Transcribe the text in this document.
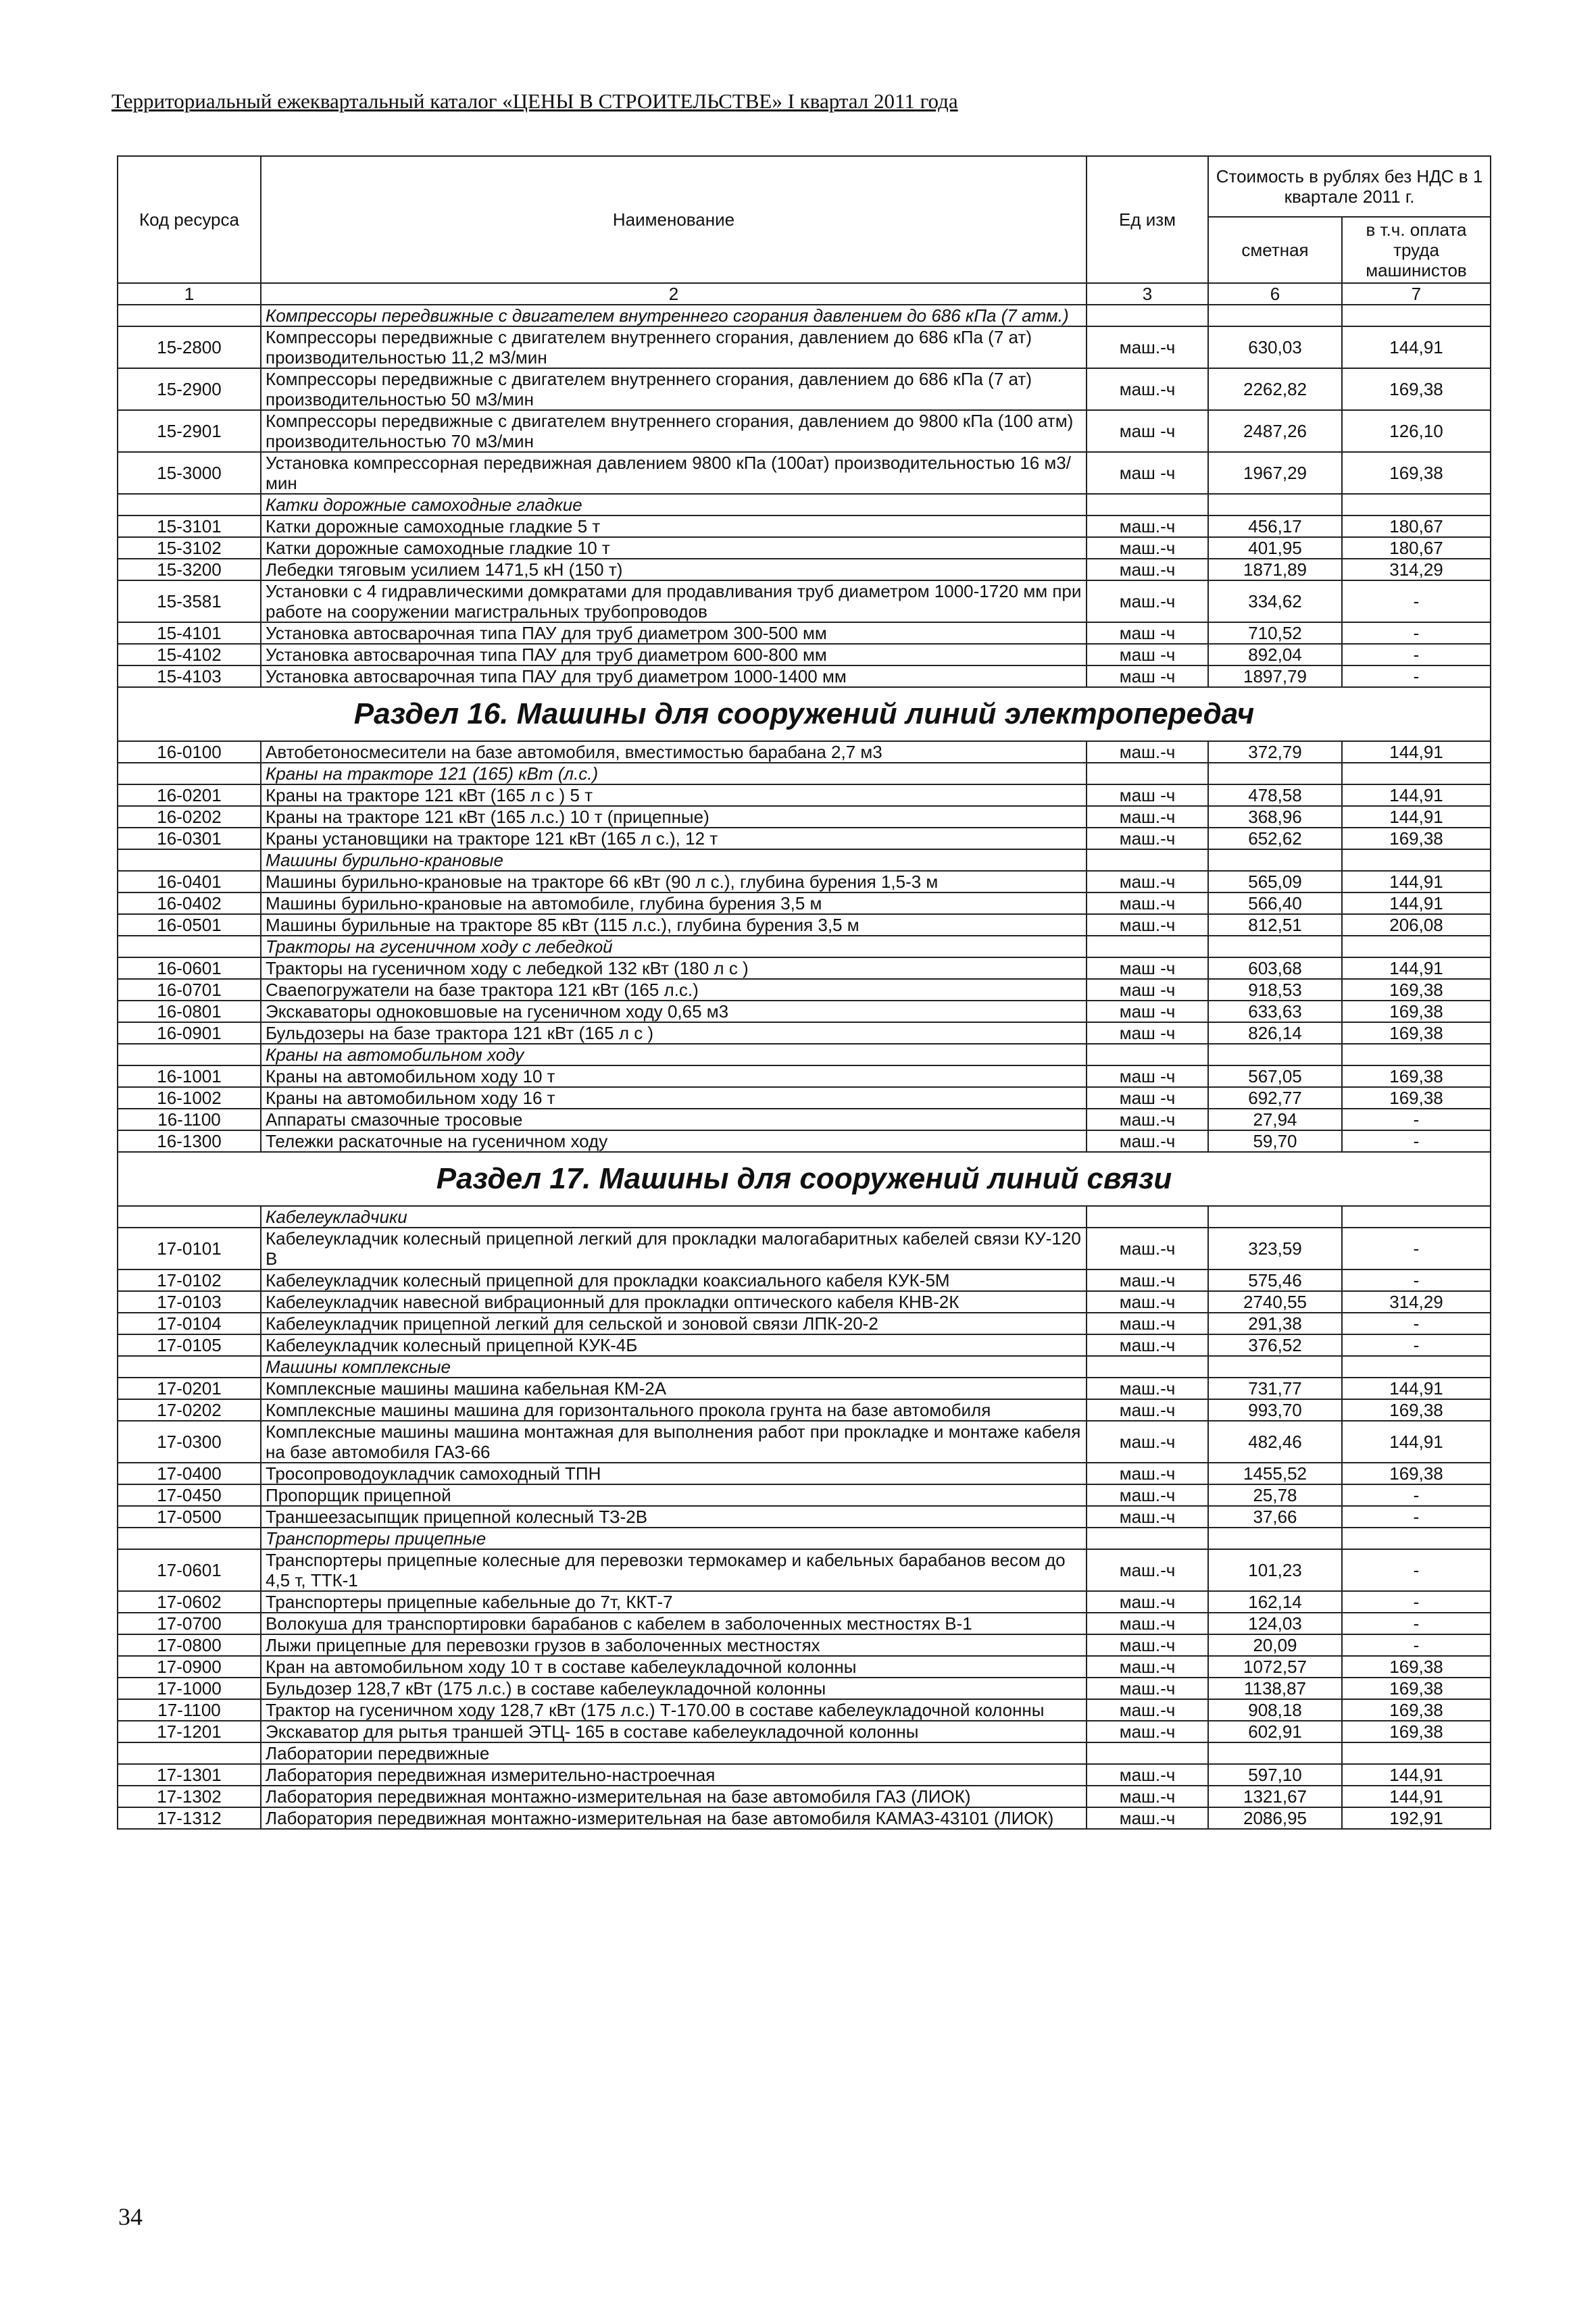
Территориальный ежеквартальный каталог «ЦЕНЫ В СТРОИТЕЛЬСТВЕ» I квартал 2011 года
Код ресурса	Наименование	Ед изм	Стоимость в рублях без НДС в 1 квартале 2011 г.	
			сметная	в т.ч. оплата труда машинистов
1	2	3	6	7
	Компрессоры передвижные с двигателем внутреннего сгорания давлением до 686 кПа (7 атм.)			
15-2800	Компрессоры передвижные с двигателем внутреннего сгорания, давлением до 686 кПа (7 ат) производительностью 11,2 м3/мин	маш.-ч	630,03	144,91
15-2900	Компрессоры передвижные с двигателем внутреннего сгорания, давлением до 686 кПа (7 ат) производительностью 50 м3/мин	маш.-ч	2262,82	169,38
15-2901	Компрессоры передвижные с двигателем внутреннего сгорания, давлением до 9800 кПа (100 атм) производительностью 70 м3/мин	маш -ч	2487,26	126,10
15-3000	Установка компрессорная передвижная давлением 9800 кПа (100ат) производительностью 16 м3/мин	маш -ч	1967,29	169,38
	Катки дорожные самоходные гладкие			
15-3101	Катки дорожные самоходные гладкие 5 т	маш.-ч	456,17	180,67
15-3102	Катки дорожные самоходные гладкие 10 т	маш.-ч	401,95	180,67
15-3200	Лебедки тяговым усилием 1471,5 кН (150 т)	маш.-ч	1871,89	314,29
15-3581	Установки с 4 гидравлическими домкратами для продавливания труб диаметром 1000-1720 мм при работе на сооружении магистральных трубопроводов	маш.-ч	334,62	-
15-4101	Установка автосварочная типа ПАУ для труб диаметром 300-500 мм	маш -ч	710,52	-
15-4102	Установка автосварочная типа ПАУ для труб диаметром 600-800 мм	маш -ч	892,04	-
15-4103	Установка автосварочная типа ПАУ для труб диаметром 1000-1400 мм	маш -ч	1897,79	-
Раздел 16. Машины для сооружений линий электропередач				
16-0100	Автобетоносмесители на базе автомобиля, вместимостью барабана 2,7 м3	маш.-ч	372,79	144,91
	Краны на тракторе 121 (165) кВт (л.с.)			
16-0201	Краны на тракторе 121 кВт (165 л с ) 5 т	маш -ч	478,58	144,91
16-0202	Краны на тракторе 121 кВт (165 л.с.) 10 т (прицепные)	маш.-ч	368,96	144,91
16-0301	Краны установщики на тракторе 121 кВт (165 л с.), 12 т	маш.-ч	652,62	169,38
	Машины бурильно-крановые			
16-0401	Машины бурильно-крановые на тракторе 66 кВт (90 л с.), глубина бурения 1,5-3 м	маш.-ч	565,09	144,91
16-0402	Машины бурильно-крановые на автомобиле, глубина бурения 3,5 м	маш.-ч	566,40	144,91
16-0501	Машины бурильные на тракторе 85 кВт (115 л.с.), глубина бурения 3,5 м	маш.-ч	812,51	206,08
	Тракторы на гусеничном ходу с лебедкой			
16-0601	Тракторы на гусеничном ходу с лебедкой 132 кВт (180 л с )	маш -ч	603,68	144,91
16-0701	Сваепогружатели на базе трактора 121 кВт (165 л.с.)	маш -ч	918,53	169,38
16-0801	Экскаваторы одноковшовые на гусеничном ходу 0,65 м3	маш -ч	633,63	169,38
16-0901	Бульдозеры на базе трактора 121 кВт (165 л с )	маш -ч	826,14	169,38
	Краны на автомобильном ходу			
16-1001	Краны на автомобильном ходу 10 т	маш -ч	567,05	169,38
16-1002	Краны на автомобильном ходу 16 т	маш -ч	692,77	169,38
16-1100	Аппараты смазочные тросовые	маш.-ч	27,94	-
16-1300	Тележки раскаточные на гусеничном ходу	маш.-ч	59,70	-
Раздел 17. Машины для сооружений линий связи				
	Кабелеукладчики			
17-0101	Кабелеукладчик колесный прицепной легкий для прокладки малогабаритных кабелей связи КУ-120 В	маш.-ч	323,59	-
17-0102	Кабелеукладчик колесный прицепной для прокладки коаксиального кабеля КУК-5М	маш.-ч	575,46	-
17-0103	Кабелеукладчик навесной вибрационный для прокладки оптического кабеля КНВ-2К	маш.-ч	2740,55	314,29
17-0104	Кабелеукладчик прицепной легкий для сельской и зоновой связи ЛПК-20-2	маш.-ч	291,38	-
17-0105	Кабелеукладчик колесный прицепной КУК-4Б	маш.-ч	376,52	-
	Машины комплексные			
17-0201	Комплексные машины машина кабельная КМ-2А	маш.-ч	731,77	144,91
17-0202	Комплексные машины машина для горизонтального прокола грунта на базе автомобиля	маш.-ч	993,70	169,38
17-0300	Комплексные машины машина монтажная для выполнения работ при прокладке и монтаже кабеля на базе автомобиля ГАЗ-66	маш.-ч	482,46	144,91
17-0400	Тросопроводоукладчик самоходный ТПН	маш.-ч	1455,52	169,38
17-0450	Пропорщик прицепной	маш.-ч	25,78	-
17-0500	Траншеезасыпщик прицепной колесный ТЗ-2В	маш.-ч	37,66	-
	Транспортеры прицепные			
17-0601	Транспортеры прицепные колесные для перевозки термокамер и кабельных барабанов весом до 4,5 т, ТТК-1	маш.-ч	101,23	-
17-0602	Транспортеры прицепные кабельные до 7т, ККТ-7	маш.-ч	162,14	-
17-0700	Волокуша для транспортировки барабанов с кабелем в заболоченных местностях В-1	маш.-ч	124,03	-
17-0800	Лыжи прицепные для перевозки грузов в заболоченных местностях	маш.-ч	20,09	-
17-0900	Кран на автомобильном ходу 10 т в составе кабелеукладочной колонны	маш.-ч	1072,57	169,38
17-1000	Бульдозер 128,7 кВт (175 л.с.) в составе кабелеукладочной колонны	маш.-ч	1138,87	169,38
17-1100	Трактор на гусеничном ходу 128,7 кВт (175 л.с.) Т-170.00 в составе кабелеукладочной колонны	маш.-ч	908,18	169,38
17-1201	Экскаватор для рытья траншей ЭТЦ- 165 в составе кабелеукладочной колонны	маш.-ч	602,91	169,38
	Лаборатории передвижные			
17-1301	Лаборатория передвижная измерительно-настроечная	маш.-ч	597,10	144,91
17-1302	Лаборатория передвижная монтажно-измерительная на базе автомобиля ГАЗ (ЛИОК)	маш.-ч	1321,67	144,91
17-1312	Лаборатория передвижная монтажно-измерительная на базе автомобиля КАМАЗ-43101 (ЛИОК)	маш.-ч	2086,95	192,91
34
